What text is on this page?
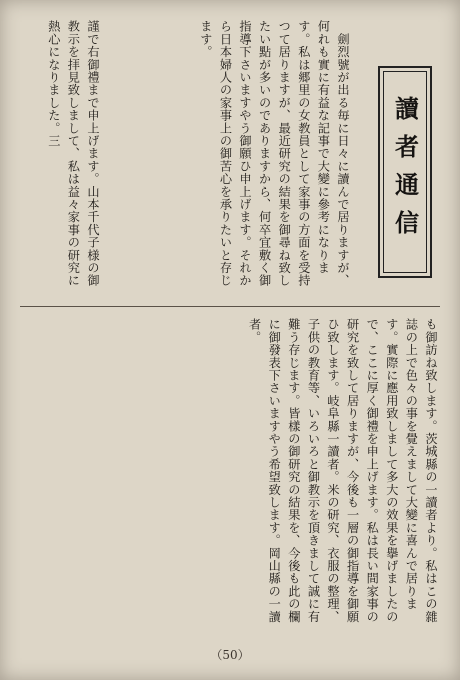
讀者通信
　劍烈號が出る毎に日々に讀んで居りますが、何れも實に有益な記事で大變に參考になります。私は郷里の女教員として家事の方面を受持つて居りますが、最近研究の結果を御尋ね致したい點が多いのでありますから、何卒宜敷く御指導下さいますやう御願ひ申上げます。それから日本婦人の家事上の御苦心を承りたいと存じます。
謹で右御禮まで申上げます。山本千代子様の御教示を拝見致しまして、私は益々家事の研究に熱心になりました。三
も御訪ね致します。茨城縣の一讀者より。私はこの雜誌の上で色々の事を覺えまして大變に喜んで居ります。實際に應用致しまして多大の效果を擧げましたので、ここに厚く御禮を申上げます。私は長い間家事の研究を致して居りますが、今後も一層の御指導を御願ひ致します。岐阜縣一讀者。米の研究、衣服の整理、子供の教育等、いろいろと御教示を頂きまして誠に有難う存じます。皆樣の御研究の結果を、今後も此の欄に御發表下さいますやう希望致します。岡山縣の一讀者。
（50）
